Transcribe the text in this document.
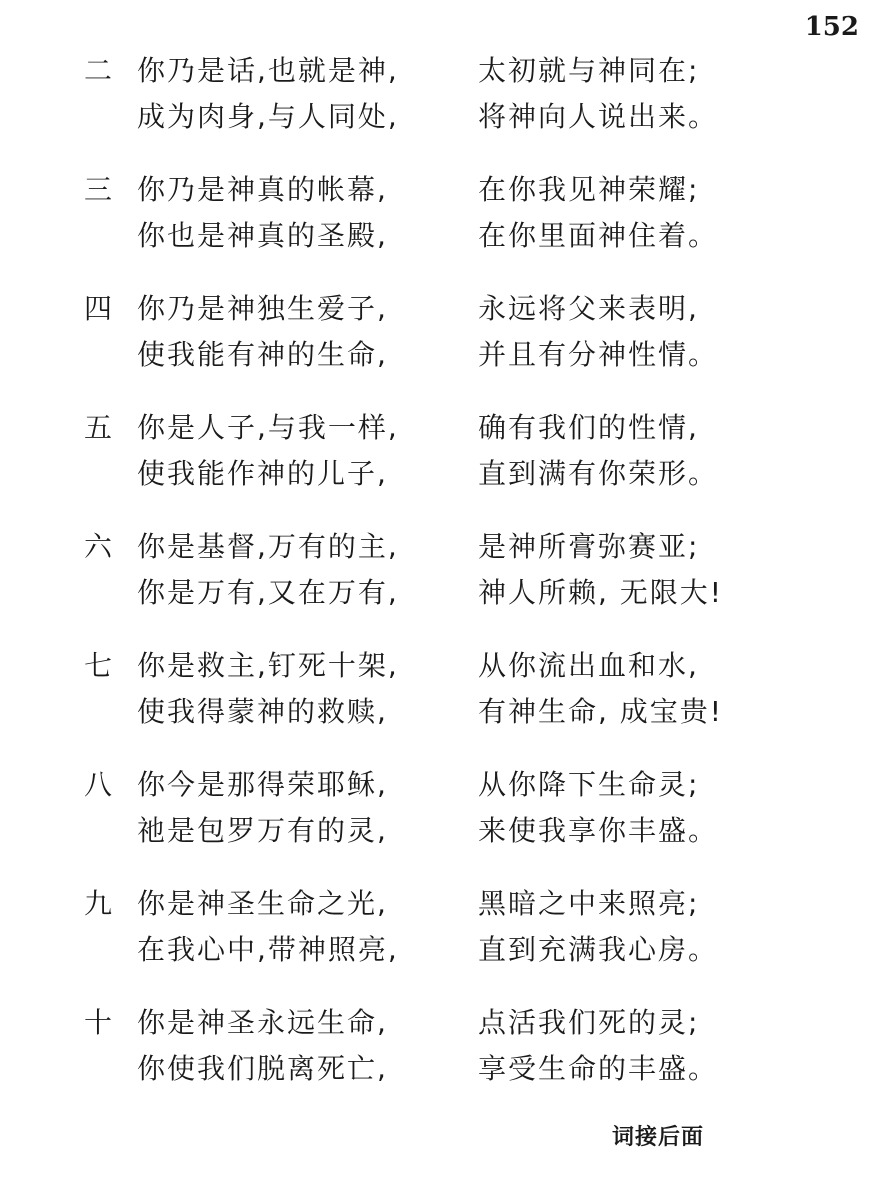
152
二 你乃是话,也就是神,	太初就与神同在;
成为肉身,与人同处,	将神向人说出来。
三 你乃是神真的帐幕,	在你我见神荣耀;
你也是神真的圣殿,	在你里面神住着。
四 你乃是神独生爱子,	永远将父来表明,
使我能有神的生命,	并且有分神性情。
五 你是人子,与我一样,	确有我们的性情,
使我能作神的儿子,	直到满有你荣形。
六 你是基督,万有的主,	是神所膏弥赛亚;
你是万有,又在万有,	神人所赖, 无限大!
七 你是救主,钉死十架,	从你流出血和水,
使我得蒙神的救赎,	有神生命, 成宝贵!
八 你今是那得荣耶稣,	从你降下生命灵;
祂是包罗万有的灵,	来使我享你丰盛。
九 你是神圣生命之光,	黑暗之中来照亮;
在我心中,带神照亮,	直到充满我心房。
十 你是神圣永远生命,	点活我们死的灵;
你使我们脱离死亡,	享受生命的丰盛。
词接后面
